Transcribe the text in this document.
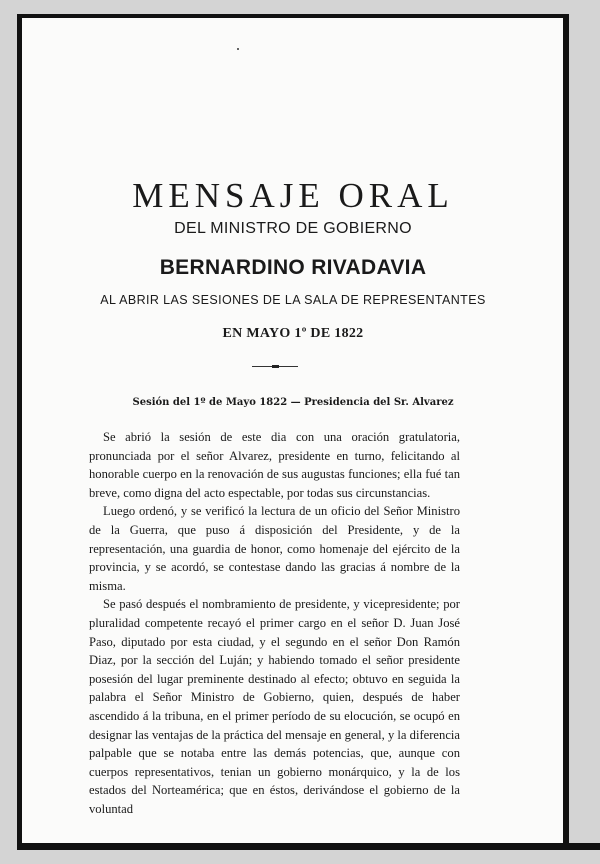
MENSAJE ORAL

DEL MINISTRO DE GOBIERNO

BERNARDINO RIVADAVIA

AL ABRIR LAS SESIONES DE LA SALA DE REPRESENTANTES

EN MAYO 1º DE 1822

Sesión del 1º de Mayo 1822 — Presidencia del Sr. Alvarez

Se abrió la sesión de este dia con una oración gratulatoria, pronunciada por el señor Alvarez, presidente en turno, felicitando al honorable cuerpo en la renovación de sus augustas funciones; ella fué tan breve, como digna del acto espectable, por todas sus circunstancias.

Luego ordenó, y se verificó la lectura de un oficio del Señor Ministro de la Guerra, que puso á disposición del Presidente, y de la representación, una guardia de honor, como homenaje del ejército de la provincia, y se acordó, se contestase dando las gracias á nombre de la misma.

Se pasó después el nombramiento de presidente, y vicepresidente; por pluralidad competente recayó el primer cargo en el señor D. Juan José Paso, diputado por esta ciudad, y el segundo en el señor Don Ramón Diaz, por la sección del Luján; y habiendo tomado el señor presidente posesión del lugar preminente destinado al efecto; obtuvo en seguida la palabra el Señor Ministro de Gobierno, quien, después de haber ascendido á la tribuna, en el primer período de su elocución, se ocupó en designar las ventajas de la práctica del mensaje en general, y la diferencia palpable que se notaba entre las demás potencias, que, aunque con cuerpos representativos, tenian un gobierno monárquico, y la de los estados del Norteamérica; que en éstos, derivándose el gobierno de la voluntad
